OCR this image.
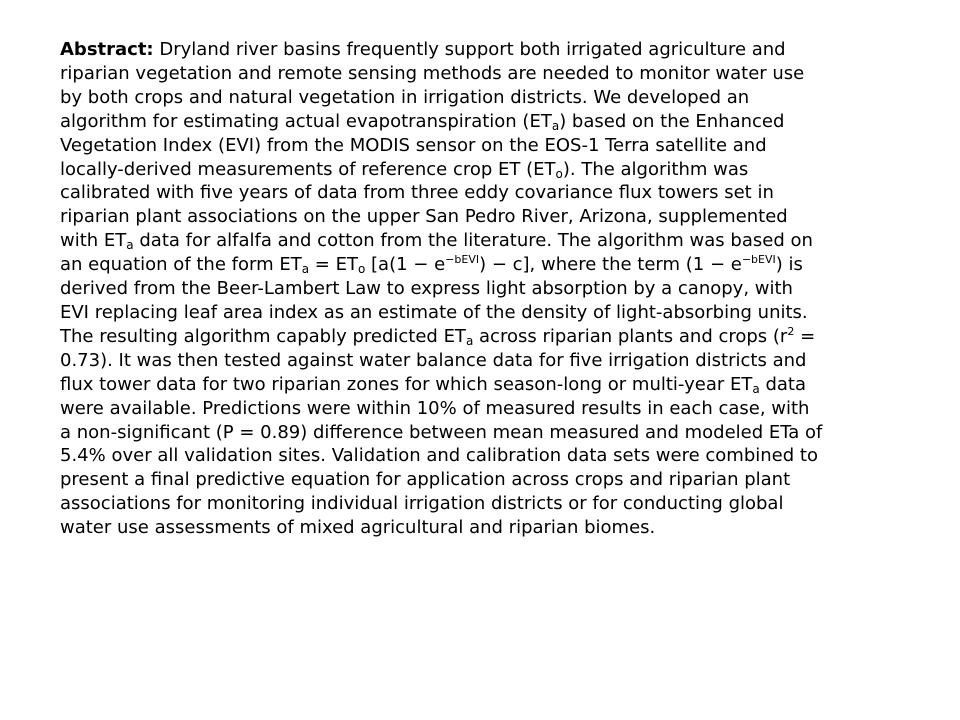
Abstract: Dryland river basins frequently support both irrigated agriculture and
riparian vegetation and remote sensing methods are needed to monitor water use
by both crops and natural vegetation in irrigation districts. We developed an
algorithm for estimating actual evapotranspiration $(ET_a)$ based on the Enhanced
Vegetation Index (EVI) from the MODIS sensor on the EOS-1 Terra satellite and
locally-derived measurements of reference crop ET $(ET_o)$. The algorithm was
calibrated with five years of data from three eddy covariance flux towers set in
riparian plant associations on the upper San Pedro River, Arizona, supplemented
with $ET_a$ data for alfalfa and cotton from the literature. The algorithm was based on
an equation of the form $ET_a = ET_o$ $[a(1 - e^{-bEVI}) - c]$, where the term $(1 - e^{-bEVI})$ is
derived from the Beer-Lambert Law to express light absorption by a canopy, with
EVI replacing leaf area index as an estimate of the density of light-absorbing units.
The resulting algorithm capably predicted $ET_a$ across riparian plants and crops ($r^2$ =
0.73). It was then tested against water balance data for five irrigation districts and
flux tower data for two riparian zones for which season-long or multi-year $ET_a$ data
were available. Predictions were within 10% of measured results in each case, with
a non-significant (P = 0.89) difference between mean measured and modeled ETa of
5.4% over all validation sites. Validation and calibration data sets were combined to
present a final predictive equation for application across crops and riparian plant
associations for monitoring individual irrigation districts or for conducting global
water use assessments of mixed agricultural and riparian biomes.
